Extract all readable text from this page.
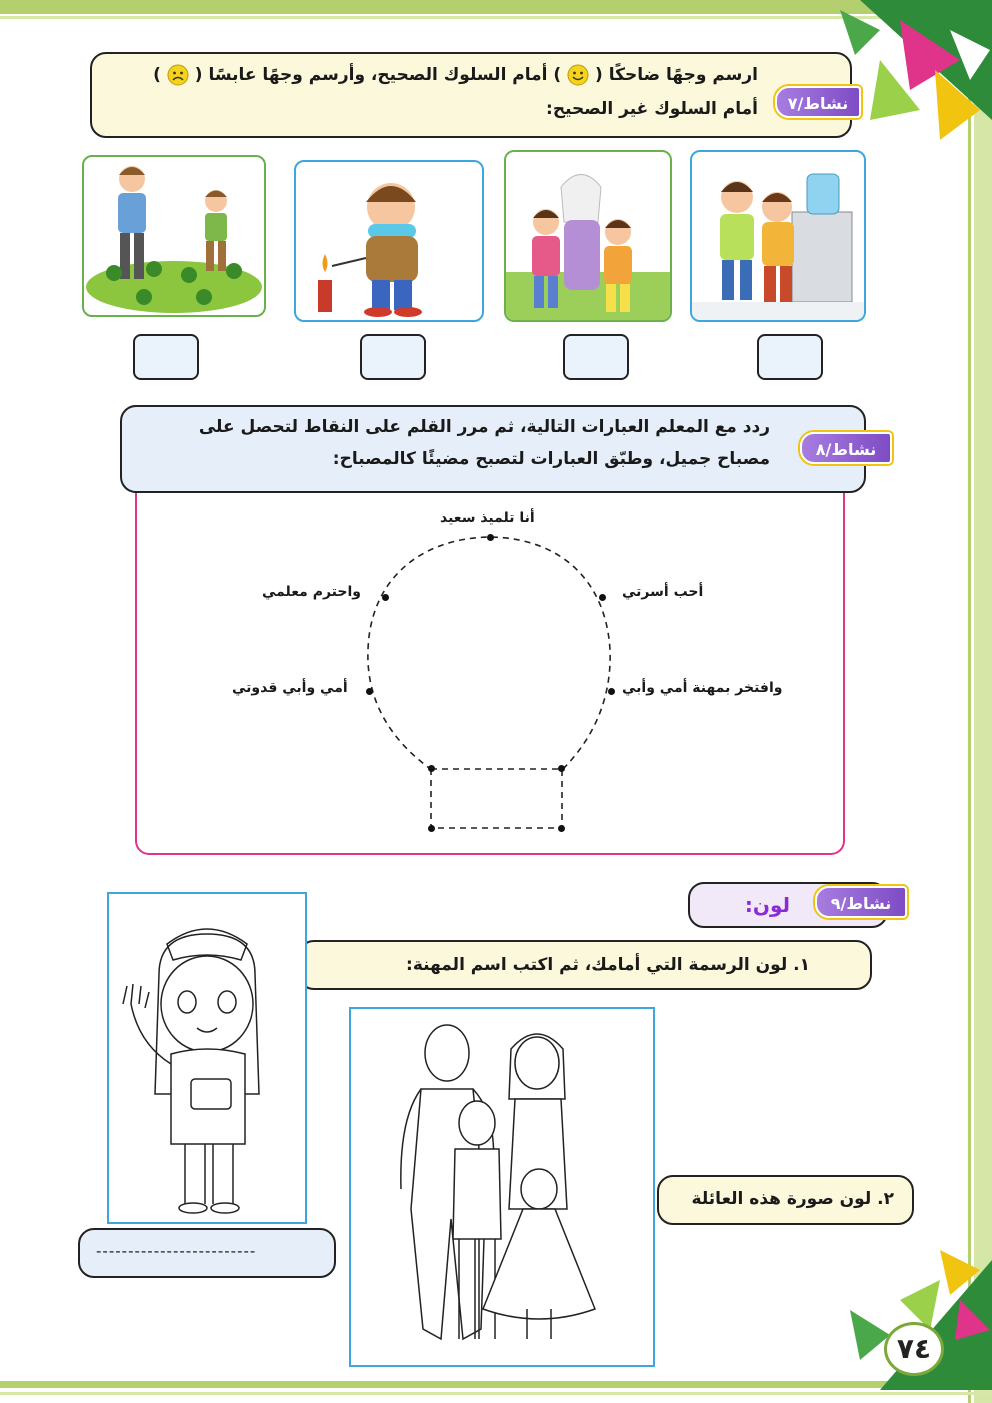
ارسم وجهًا ضاحكًا (  ) أمام السلوك الصحيح، وأرسم وجهًا عابسًا (  )
أمام السلوك غير الصحيح:	نشاط/٧
ردد مع المعلم العبارات التالية، ثم مرر القلم على النقاط لتحصل على
مصباح جميل، وطبّق العبارات لتصبح مضيئًا كالمصباح:	نشاط/٨
أنا تلميذ سعيد
أحب أسرتي
واحترم معلمي
وافتخر بمهنة أمي وأبي
أمي وأبي قدوتي
لون:	نشاط/٩
١. لون الرسمة التي أمامك، ثم اكتب اسم المهنة:
-------------------------
٢. لون صورة هذه العائلة
٧٤
